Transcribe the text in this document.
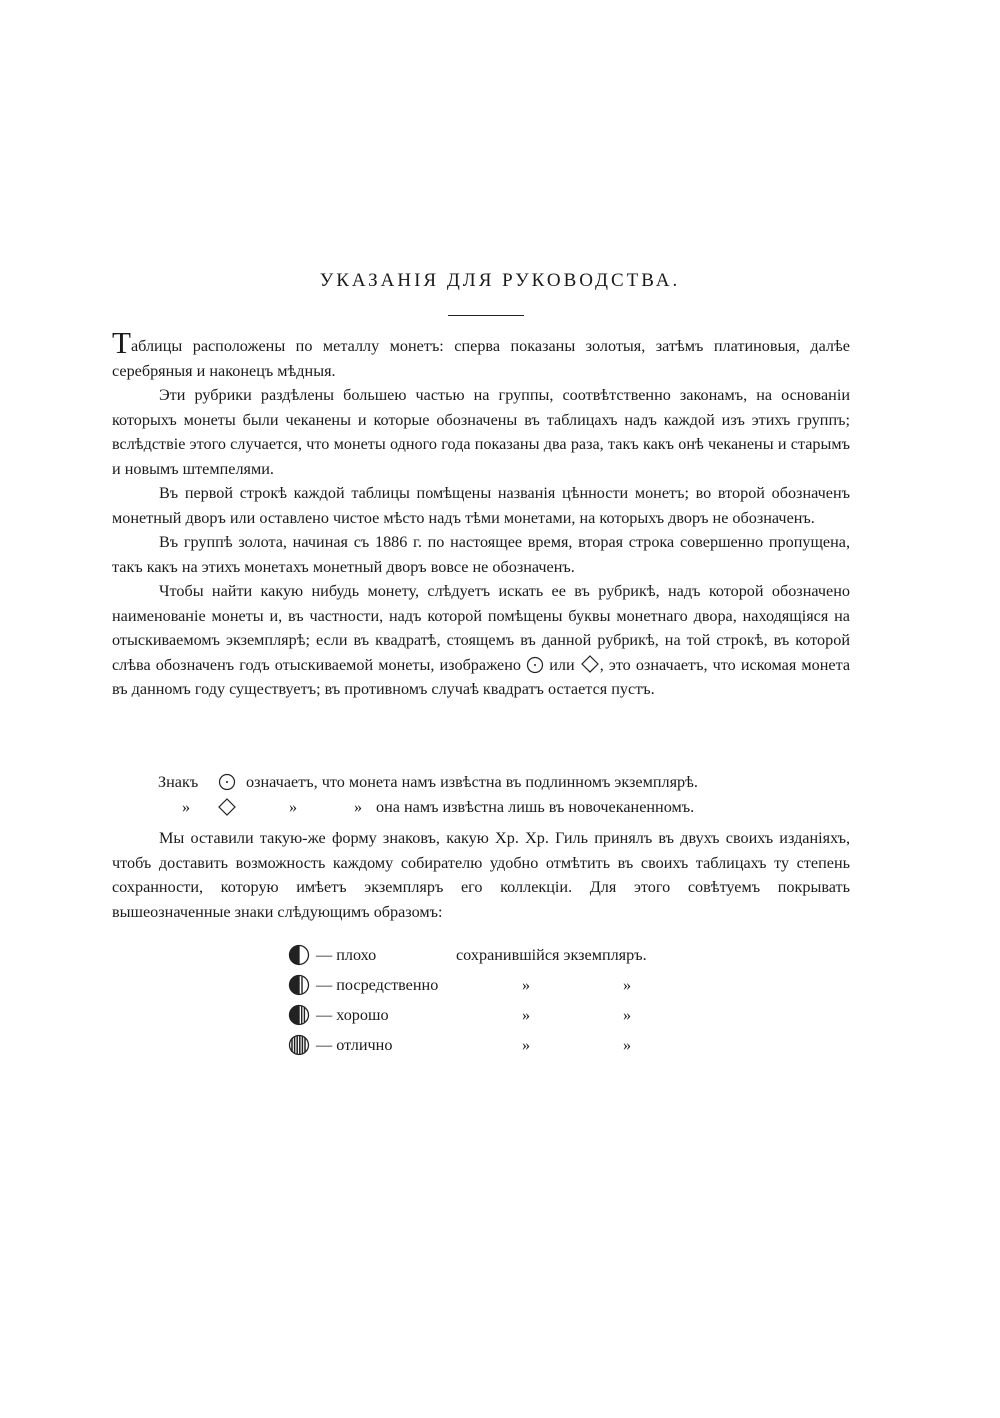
УКАЗАНІЯ ДЛЯ РУКОВОДСТВА.

Таблицы расположены по металлу монетъ: сперва показаны золотыя, затѣмъ платиновыя, далѣе серебряныя и наконецъ мѣдныя.

Эти рубрики раздѣлены большею частью на группы, соотвѣтственно законамъ, на основаніи которыхъ монеты были чеканены и которые обозначены въ таблицахъ надъ каждой изъ этихъ группъ; вслѣдствіе этого случается, что монеты одного года показаны два раза, такъ какъ онѣ чеканены и старымъ и новымъ штемпелями.

Въ первой строкѣ каждой таблицы помѣщены названія цѣнности монетъ; во второй обозначенъ монетный дворъ или оставлено чистое мѣсто надъ тѣми монетами, на которыхъ дворъ не обозначенъ.

Въ группѣ золота, начиная съ 1886 г. по настоящее время, вторая строка совершенно пропущена, такъ какъ на этихъ монетахъ монетный дворъ вовсе не обозначенъ.

Чтобы найти какую нибудь монету, слѣдуетъ искать ее въ рубрикѣ, надъ которой обозначено наименованіе монеты и, въ частности, надъ которой помѣщены буквы монетнаго двора, находящіяся на отыскиваемомъ экземплярѣ; если въ квадратѣ, стоящемъ въ данной рубрикѣ, на той строкѣ, въ которой слѣва обозначенъ годъ отыскиваемой монеты, изображено или , это означаетъ, что искомая монета въ данномъ году существуетъ; въ противномъ случаѣ квадратъ остается пустъ.

Знакъ	означаетъ, что монета намъ извѣстна въ подлинномъ экземплярѣ.
»	»	» она намъ извѣстна лишь въ новочеканенномъ.

Мы оставили такую-же форму знаковъ, какую Хр. Хр. Гиль принялъ въ двухъ своихъ изданіяхъ, чтобъ доставить возможность каждому собирателю удобно отмѣтить въ своихъ таблицахъ ту степень сохранности, которую имѣетъ экземпляръ его коллекціи. Для этого совѣтуемъ покрывать вышеозначенные знаки слѣдующимъ образомъ:

— плохо	сохранившійся экземпляръ.
— посредственно	»	»
— хорошо	»	»
— отлично	»	»
